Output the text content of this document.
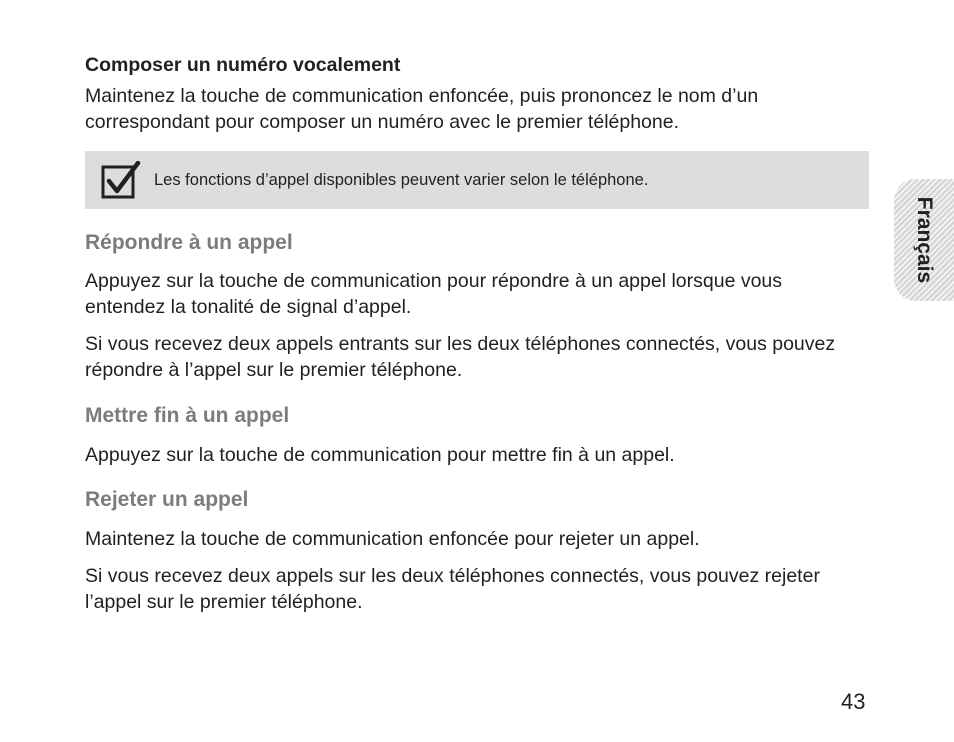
Composer un numéro vocalement

Maintenez la touche de communication enfoncée, puis prononcez le nom d’un correspondant pour composer un numéro avec le premier téléphone.

Les fonctions d’appel disponibles peuvent varier selon le téléphone.
Répondre à un appel

Appuyez sur la touche de communication pour répondre à un appel lorsque vous entendez la tonalité de signal d’appel.

Si vous recevez deux appels entrants sur les deux téléphones connectés, vous pouvez répondre à l’appel sur le premier téléphone.

Mettre fin à un appel

Appuyez sur la touche de communication pour mettre fin à un appel.

Rejeter un appel

Maintenez la touche de communication enfoncée pour rejeter un appel.

Si vous recevez deux appels sur les deux téléphones connectés, vous pouvez rejeter l’appel sur le premier téléphone.

Français
43
